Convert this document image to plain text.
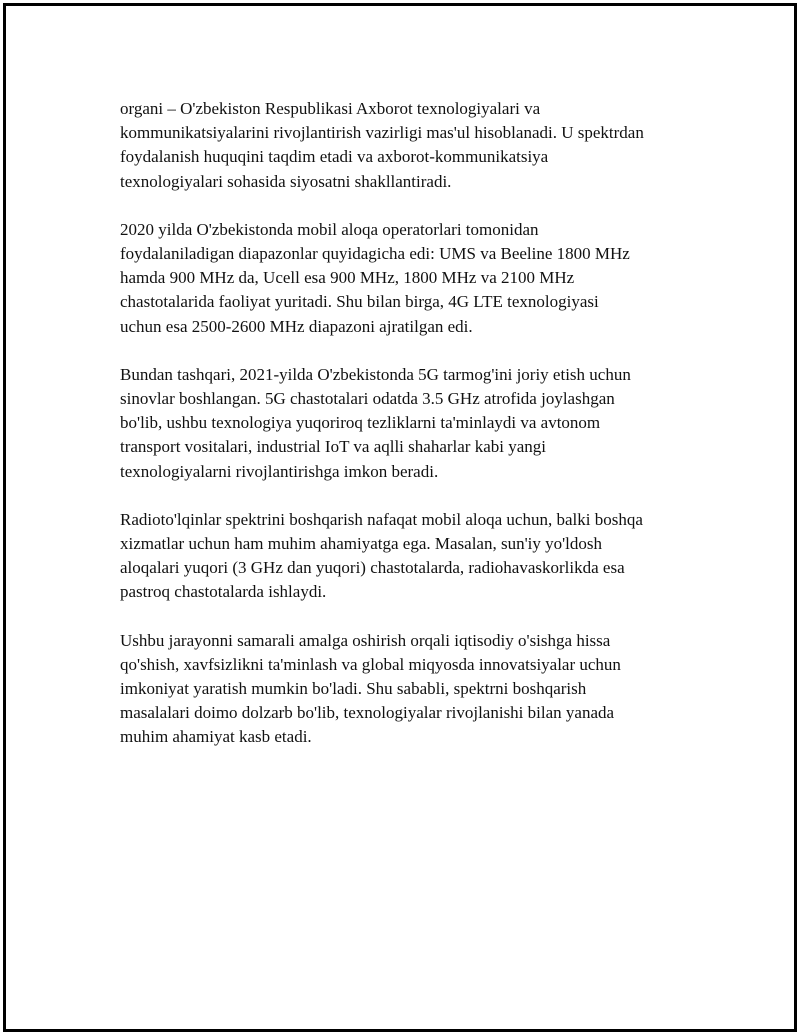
organi – O'zbekiston Respublikasi Axborot texnologiyalari va
kommunikatsiyalarini rivojlantirish vazirligi mas'ul hisoblanadi. U spektrdan
foydalanish huquqini taqdim etadi va axborot-kommunikatsiya
texnologiyalari sohasida siyosatni shakllantiradi.

2020 yilda O'zbekistonda mobil aloqa operatorlari tomonidan
foydalaniladigan diapazonlar quyidagicha edi: UMS va Beeline 1800 MHz
hamda 900 MHz da, Ucell esa 900 MHz, 1800 MHz va 2100 MHz
chastotalarida faoliyat yuritadi. Shu bilan birga, 4G LTE texnologiyasi
uchun esa 2500-2600 MHz diapazoni ajratilgan edi.

Bundan tashqari, 2021-yilda O'zbekistonda 5G tarmog'ini joriy etish uchun
sinovlar boshlangan. 5G chastotalari odatda 3.5 GHz atrofida joylashgan
bo'lib, ushbu texnologiya yuqoriroq tezliklarni ta'minlaydi va avtonom
transport vositalari, industrial IoT va aqlli shaharlar kabi yangi
texnologiyalarni rivojlantirishga imkon beradi.

Radioto'lqinlar spektrini boshqarish nafaqat mobil aloqa uchun, balki boshqa
xizmatlar uchun ham muhim ahamiyatga ega. Masalan, sun'iy yo'ldosh
aloqalari yuqori (3 GHz dan yuqori) chastotalarda, radiohavaskorlikda esa
pastroq chastotalarda ishlaydi.

Ushbu jarayonni samarali amalga oshirish orqali iqtisodiy o'sishga hissa
qo'shish, xavfsizlikni ta'minlash va global miqyosda innovatsiyalar uchun
imkoniyat yaratish mumkin bo'ladi. Shu sababli, spektrni boshqarish
masalalari doimo dolzarb bo'lib, texnologiyalar rivojlanishi bilan yanada
muhim ahamiyat kasb etadi.
